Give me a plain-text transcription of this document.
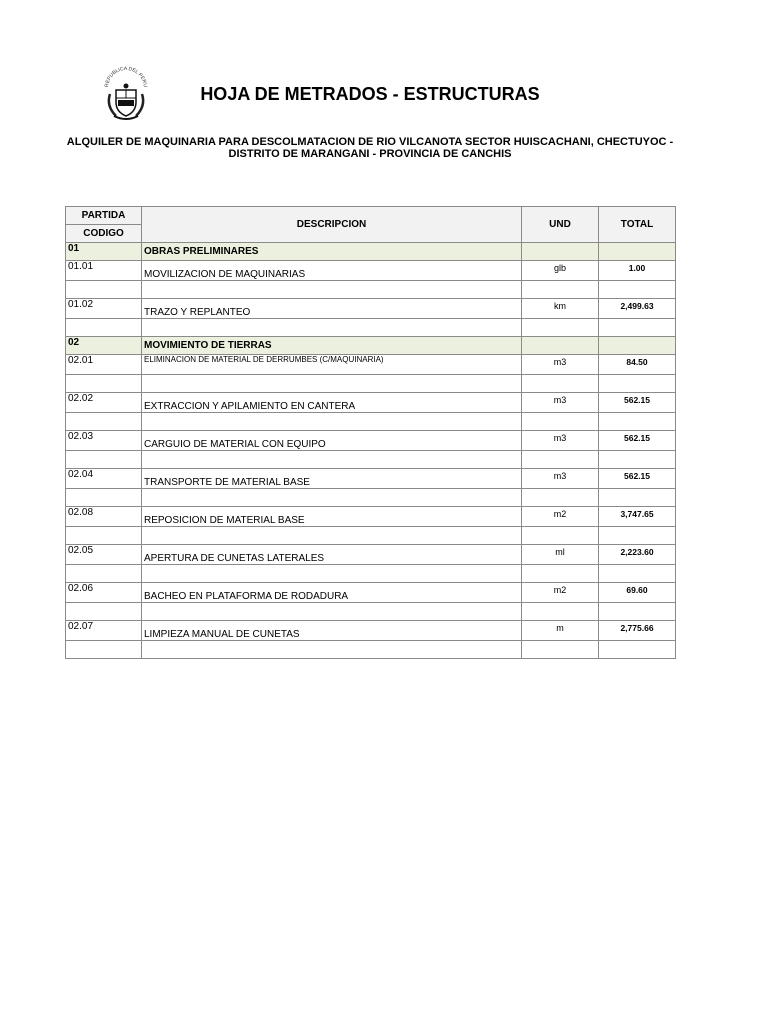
REPUBLICA DEL PERU	HOJA DE METRADOS - ESTRUCTURAS
ALQUILER DE MAQUINARIA PARA DESCOLMATACION DE RIO VILCANOTA SECTOR HUISCACHANI, CHECTUYOC -
DISTRITO DE MARANGANI - PROVINCIA DE CANCHIS
PARTIDA	DESCRIPCION	UND	TOTAL
CODIGO			
01	OBRAS PRELIMINARES		
01.01	MOVILIZACION DE MAQUINARIAS	glb	1.00

01.02	TRAZO Y REPLANTEO	km	2,499.63

02	MOVIMIENTO DE TIERRAS		
02.01	ELIMINACION DE MATERIAL DE DERRUMBES (C/MAQUINARIA)	m3	84.50

02.02	EXTRACCION Y APILAMIENTO EN CANTERA	m3	562.15

02.03	CARGUIO DE MATERIAL CON EQUIPO	m3	562.15

02.04	TRANSPORTE DE MATERIAL BASE	m3	562.15

02.08	REPOSICION DE MATERIAL BASE	m2	3,747.65

02.05	APERTURA DE CUNETAS LATERALES	ml	2,223.60

02.06	BACHEO EN PLATAFORMA DE RODADURA	m2	69.60

02.07	LIMPIEZA MANUAL DE CUNETAS	m	2,775.66
